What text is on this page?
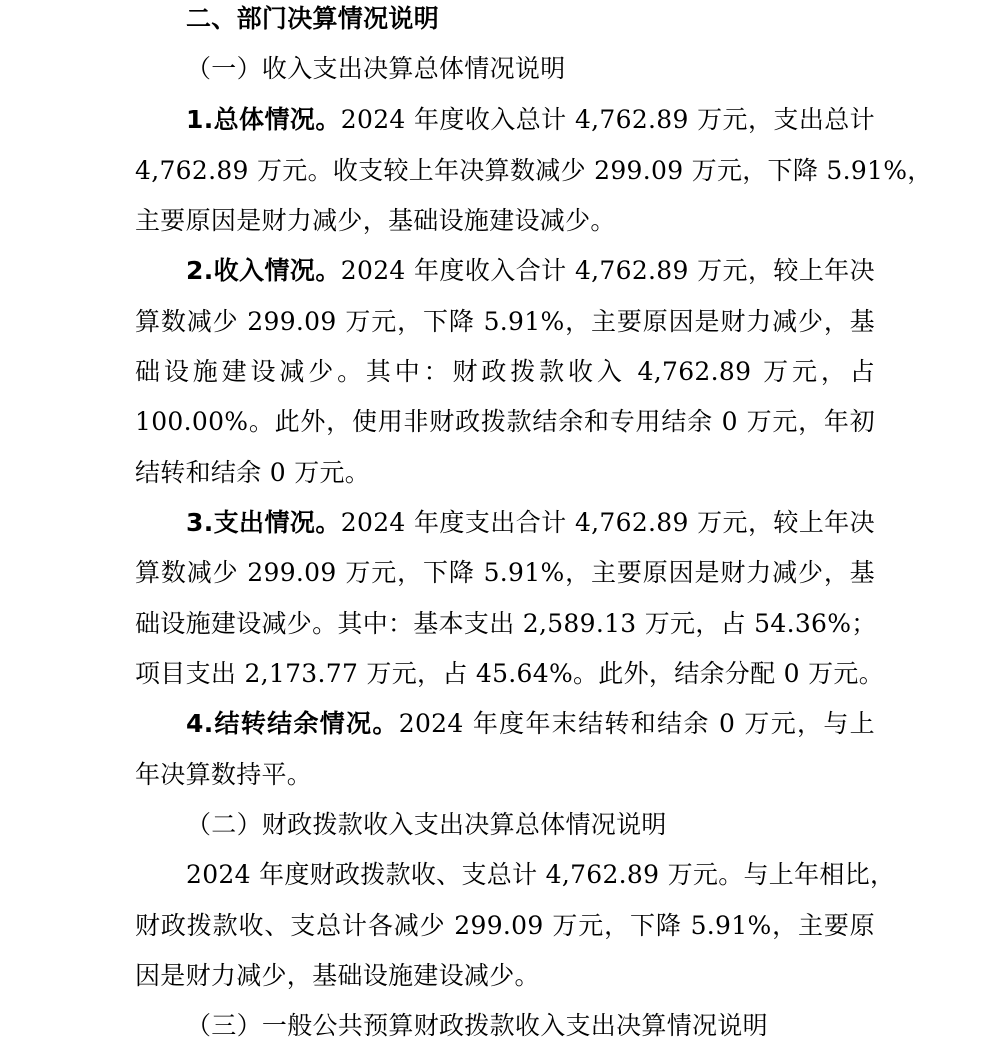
二、部门决算情况说明
（一）收入支出决算总体情况说明
1.总体情况。2024 年度收入总计 4,762.89 万元，支出总计
4,762.89 万元。收支较上年决算数减少 299.09 万元，下降 5.91%，
主要原因是财力减少，基础设施建设减少。
2.收入情况。2024 年度收入合计 4,762.89 万元，较上年决
算数减少 299.09 万元，下降 5.91%，主要原因是财力减少，基
础设施建设减少。其中：财政拨款收入 4,762.89 万元，占
100.00%。此外，使用非财政拨款结余和专用结余 0 万元，年初
结转和结余 0 万元。
3.支出情况。2024 年度支出合计 4,762.89 万元，较上年决
算数减少 299.09 万元，下降 5.91%，主要原因是财力减少，基
础设施建设减少。其中：基本支出 2,589.13 万元，占 54.36%；
项目支出 2,173.77 万元，占 45.64%。此外，结余分配 0 万元。
4.结转结余情况。2024 年度年末结转和结余 0 万元，与上
年决算数持平。
（二）财政拨款收入支出决算总体情况说明
2024 年度财政拨款收、支总计 4,762.89 万元。与上年相比，
财政拨款收、支总计各减少 299.09 万元，下降 5.91%，主要原
因是财力减少，基础设施建设减少。
（三）一般公共预算财政拨款收入支出决算情况说明
